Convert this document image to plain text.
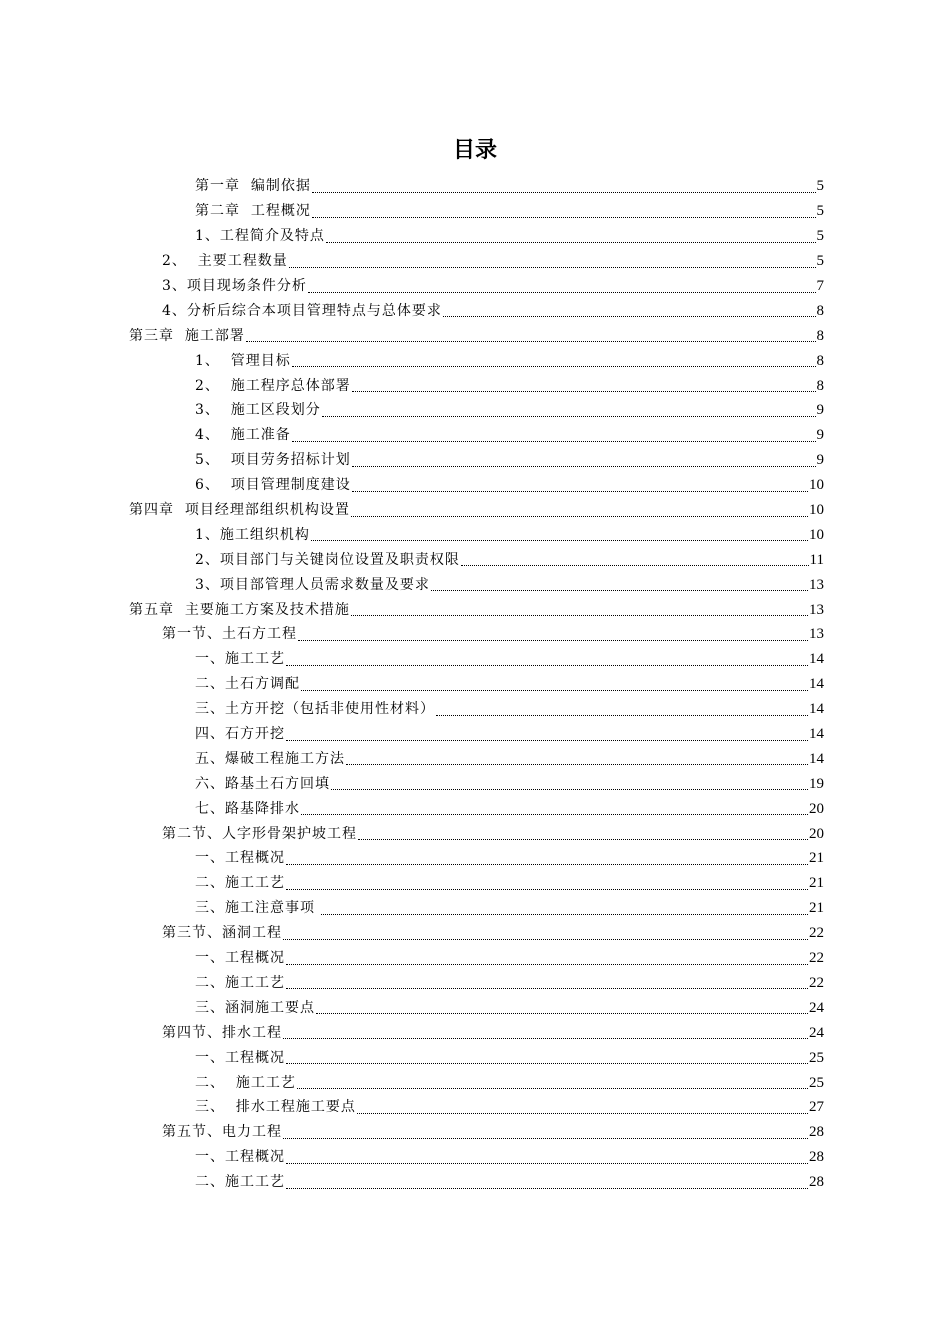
目录
第一章  编制依据	5
第二章  工程概况	5
1、工程简介及特点	5
2、  主要工程数量	5
3、项目现场条件分析	7
4、分析后综合本项目管理特点与总体要求	8
第三章  施工部署	8
1、  管理目标	8
2、  施工程序总体部署	8
3、  施工区段划分	9
4、  施工准备	9
5、  项目劳务招标计划	9
6、  项目管理制度建设	10
第四章  项目经理部组织机构设置	10
1、施工组织机构	10
2、项目部门与关键岗位设置及职责权限	11
3、项目部管理人员需求数量及要求	13
第五章  主要施工方案及技术措施	13
第一节、土石方工程	13
一、施工工艺	14
二、土石方调配	14
三、土方开挖（包括非使用性材料）	14
四、石方开挖	14
五、爆破工程施工方法	14
六、路基土石方回填	19
七、路基降排水	20
第二节、人字形骨架护坡工程	20
一、工程概况	21
二、施工工艺	21
三、施工注意事项	21
第三节、涵洞工程	22
一、工程概况	22
二、施工工艺	22
三、涵洞施工要点	24
第四节、排水工程	24
一、工程概况	25
二、  施工工艺	25
三、  排水工程施工要点	27
第五节、电力工程	28
一、工程概况	28
二、施工工艺	28
